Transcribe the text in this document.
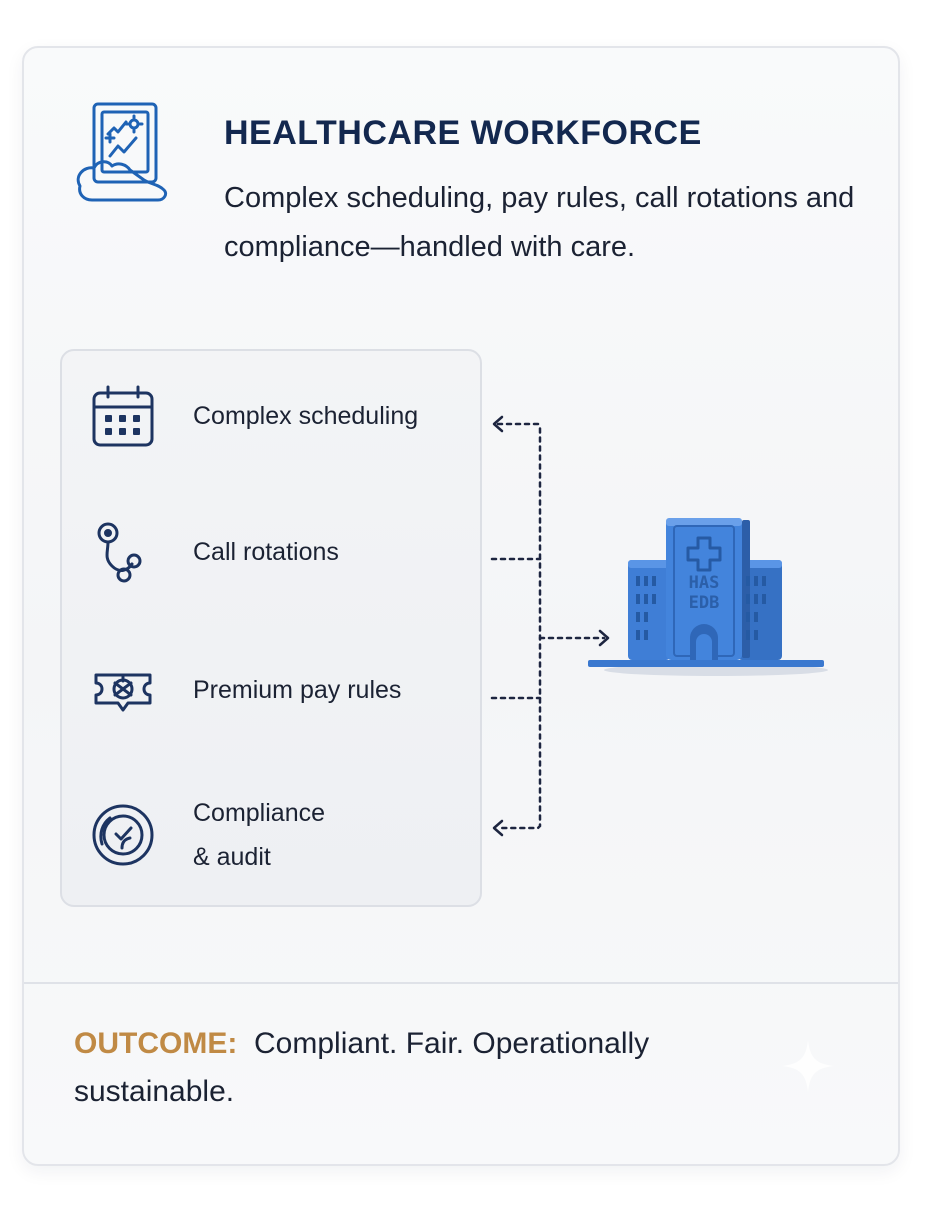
HEALTHCARE WORKFORCE

Complex scheduling, pay rules, call rotations and compliance—handled with care.

Complex scheduling
Call rotations
Premium pay rules
Compliance
& audit
HAS
EDB

OUTCOME: Compliant. Fair. Operationally sustainable.
